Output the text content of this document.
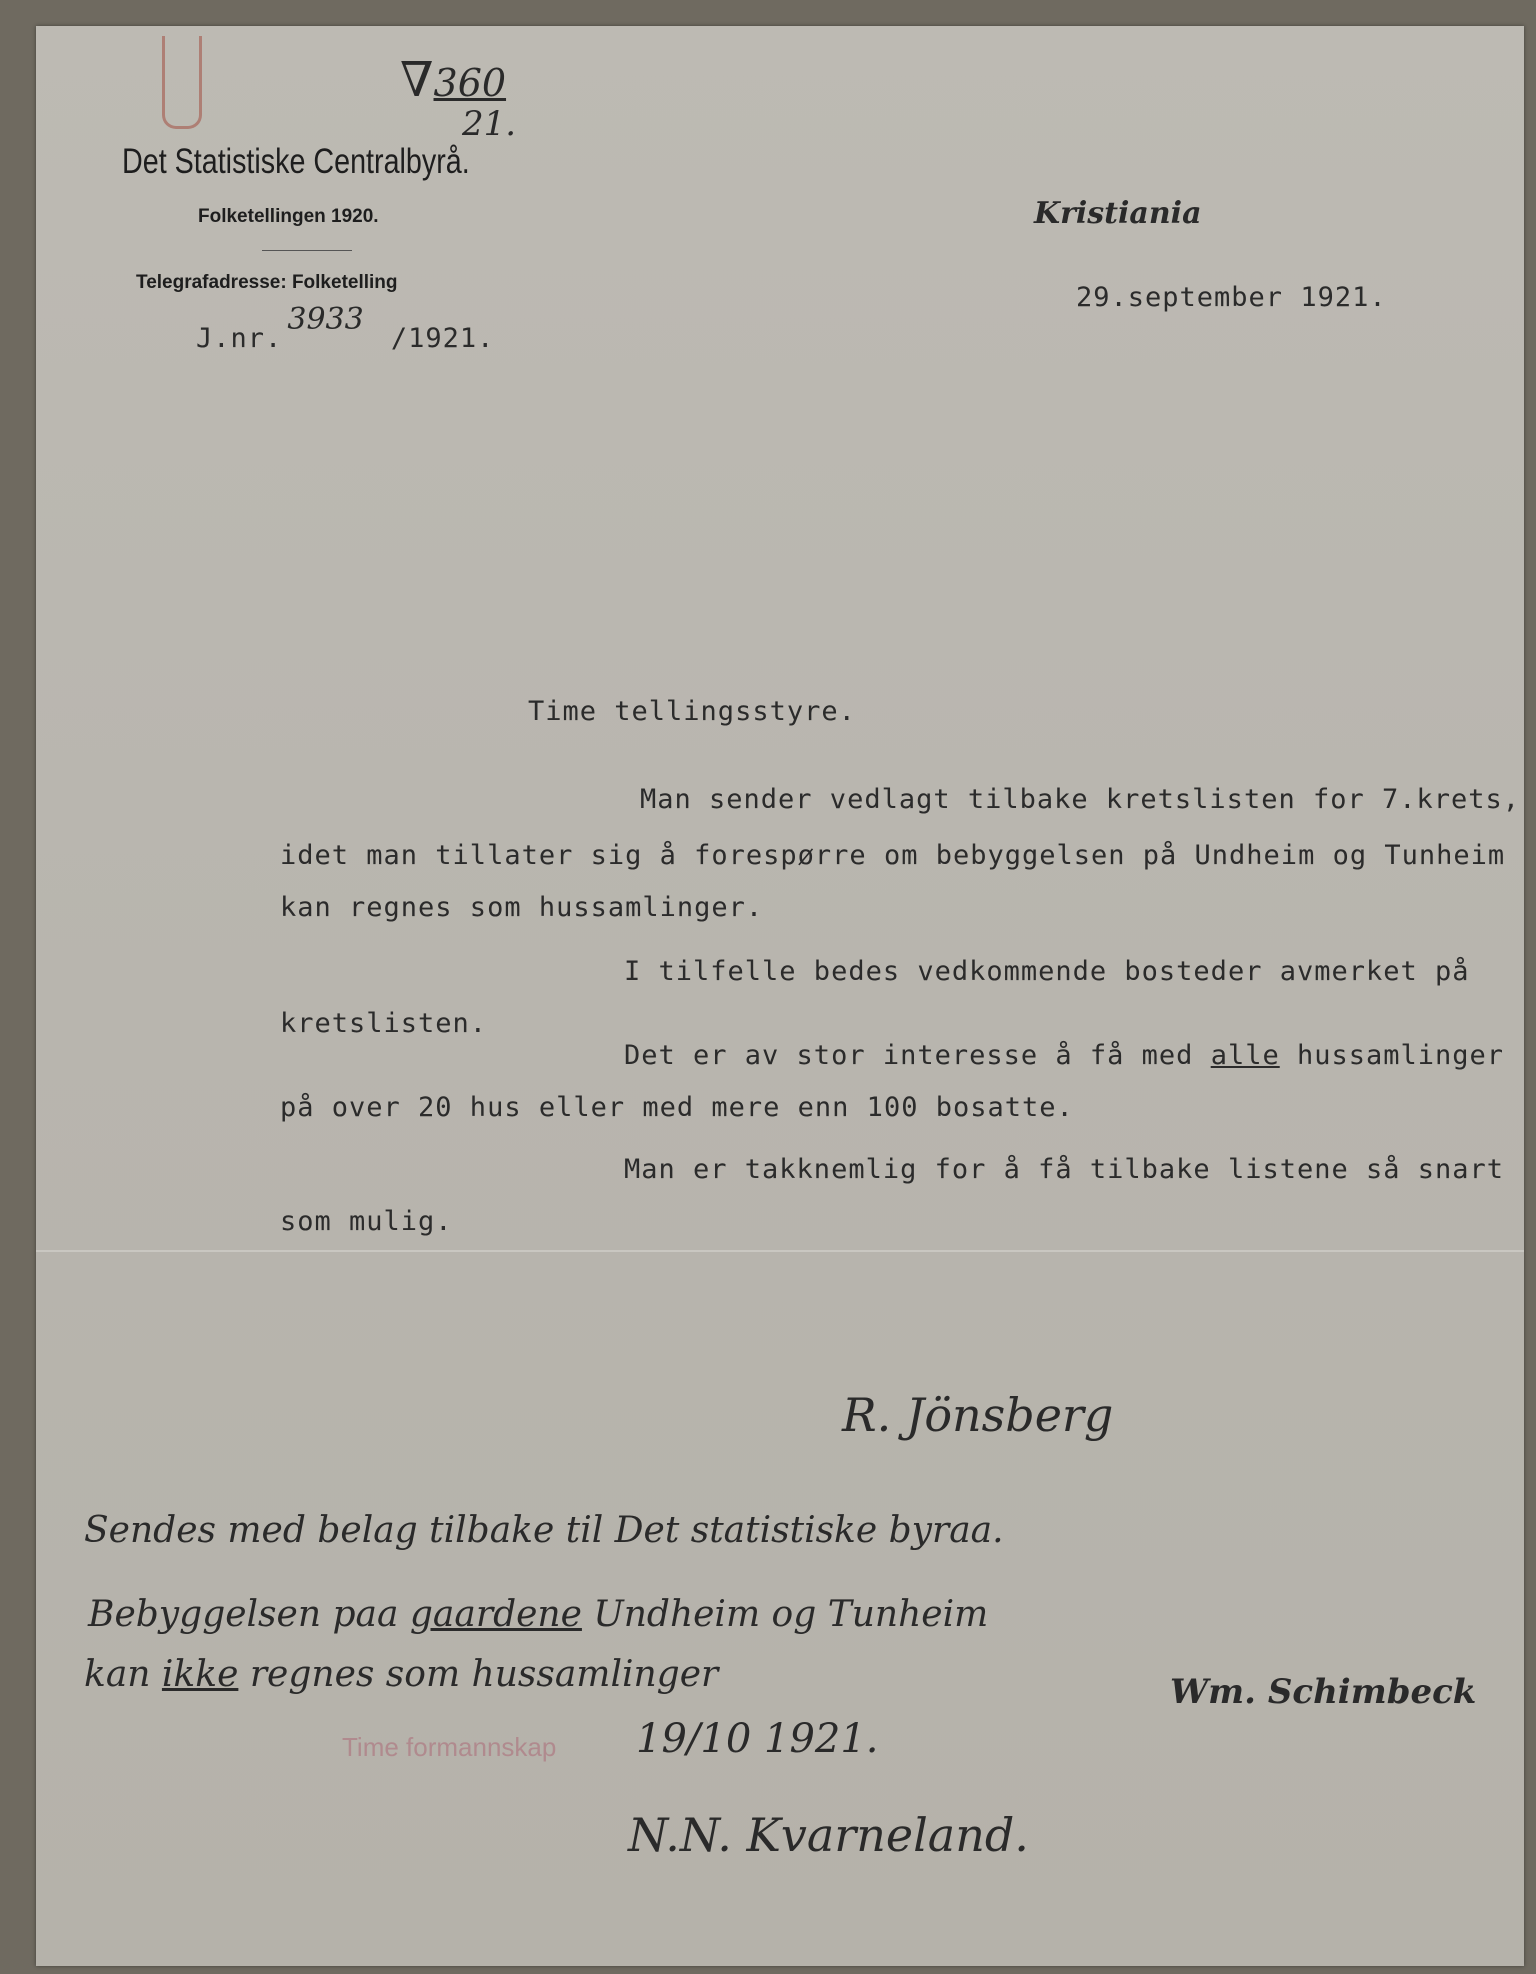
∇360
21.
Det Statistiske Centralbyrå.
Folketellingen 1920.
Telegrafadresse: Folketelling
J.nr. 3933 /1921.
Kristiania
29.september 1921.
Time tellingsstyre.
Man sender vedlagt tilbake kretslisten for 7.krets,
idet man tillater sig å forespørre om bebyggelsen på Undheim og Tunheim
kan regnes som hussamlinger.
I tilfelle bedes vedkommende bosteder avmerket på
kretslisten.
Det er av stor interesse å få med alle hussamlinger
på over 20 hus eller med mere enn 100 bosatte.
Man er takknemlig for å få tilbake listene så snart
som mulig.
R. Jönsberg
Sendes med belag tilbake til Det statistiske byraa.
Bebyggelsen paa gaardene Undheim og Tunheim
kan ikke regnes som hussamlinger	Wm. Schimbeck
Time formannskap 19/10 1921.
N.N. Kvarneland.
